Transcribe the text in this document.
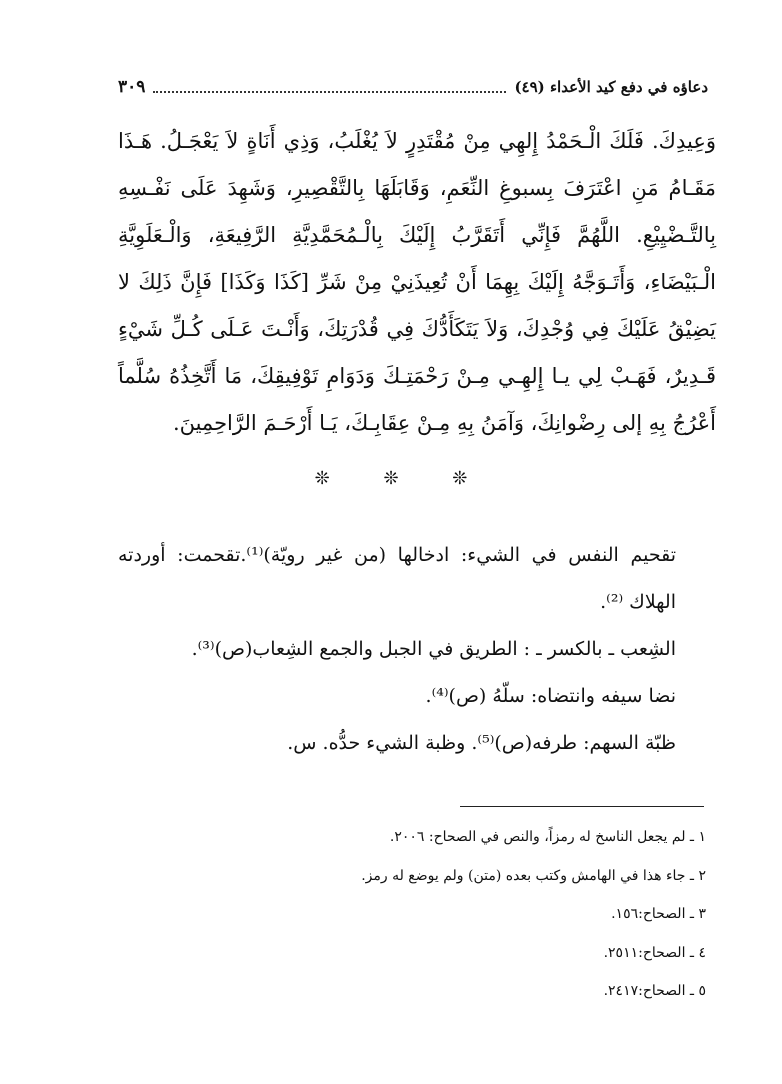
دعاؤه في دفع كيد الأعداء (٤٩)
٣٠٩

وَعِيدِكَ. فَلَكَ الْـحَمْدُ إِلهِي مِنْ مُقْتَدِرٍ لاَ يُغْلَبُ، وَذِي أَنَاةٍ لاَ يَعْجَـلُ. هَـذَا مَقَـامُ مَنِ اعْتَرَفَ بِسبوغِ النِّعَمِ، وَقَابَلَهَا بِالتَّقْصِيرِ، وَشَهِدَ عَلَى نَفْـسِهِ بِالتَّـضْيِيْعِ. اللَّهُمَّ فَإِنِّي أَتَقَرَّبُ إِلَيْكَ بِالْـمُحَمَّدِيَّةِ الرَّفِيعَةِ، وَالْـعَلَوِيَّةِ الْـبَيْضَاءِ، وَأَتَـوَجَّهُ إِلَيْكَ بِهِمَا أَنْ تُعِيذَنِيْ مِنْ شَرِّ [كَذَا وَكَذَا] فَإِنَّ ذَلِكَ لا يَضِيْقُ عَلَيْكَ فِي وُجْدِكَ، وَلاَ يَتَكَأَدُّكَ فِي قُدْرَتِكَ، وَأَنْـتَ عَـلَى كُـلِّ شَيْءٍ قَـدِيرٌ، فَهَـبْ لِي يـا إِلهِـي مِـنْ رَحْمَتِـكَ وَدَوَامِ تَوْفِيقِكَ، مَا أَتَّخِذُهُ سُلَّماً أَعْرُجُ بِهِ إلى رِضْوانِكَ، وَآمَنُ بِهِ مِـنْ عِقَابِـكَ، يَـا أَرْحَـمَ الرَّاحِمِينَ.

❊	❊	❊

تقحيم النفس في الشيء: ادخالها (من غير رويّة)⁽¹⁾.تقحمت: أوردته الهلاك ⁽²⁾.

الشِعب ـ بالكسر ـ : الطريق في الجبل والجمع الشِعاب(ص)⁽³⁾.

نضا سيفه وانتضاه: سلّهُ (ص)⁽⁴⁾.

ظبّة السهم: طرفه(ص)⁽⁵⁾. وظبة الشيء حدُّه. س.

١ ـ لم يجعل الناسخ له رمزاً، والنص في الصحاح: ٢٠٠٦.

٢ ـ جاء هذا في الهامش وكتب بعده (متن) ولم يوضع له رمز.

٣ ـ الصحاح:١٥٦.

٤ ـ الصحاح:٢٥١١.

٥ ـ الصحاح:٢٤١٧.
